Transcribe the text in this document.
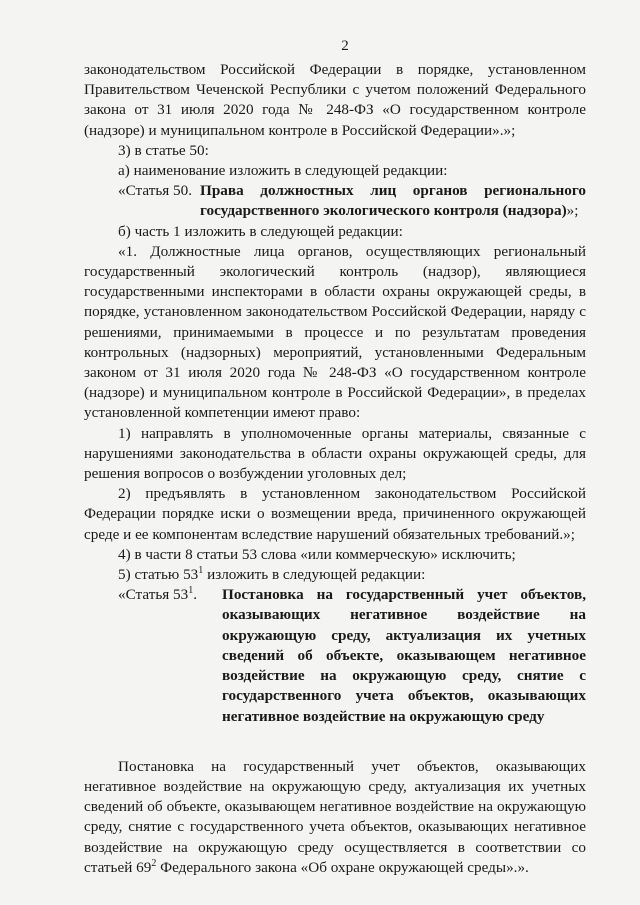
2

законодательством Российской Федерации в порядке, установленном Правительством Чеченской Республики с учетом положений Федерального закона от 31 июля 2020 года № 248-ФЗ «О государственном контроле (надзоре) и муниципальном контроле в Российской Федерации».»;

3) в статье 50:

а) наименование изложить в следующей редакции:

«Статья 50. Права должностных лиц органов регионального государственного экологического контроля (надзора)»;

б) часть 1 изложить в следующей редакции:

«1. Должностные лица органов, осуществляющих региональный государственный экологический контроль (надзор), являющиеся государственными инспекторами в области охраны окружающей среды, в порядке, установленном законодательством Российской Федерации, наряду с решениями, принимаемыми в процессе и по результатам проведения контрольных (надзорных) мероприятий, установленными Федеральным законом от 31 июля 2020 года № 248-ФЗ «О государственном контроле (надзоре) и муниципальном контроле в Российской Федерации», в пределах установленной компетенции имеют право:

1) направлять в уполномоченные органы материалы, связанные с нарушениями законодательства в области охраны окружающей среды, для решения вопросов о возбуждении уголовных дел;

2) предъявлять в установленном законодательством Российской Федерации порядке иски о возмещении вреда, причиненного окружающей среде и ее компонентам вследствие нарушений обязательных требований.»;

4) в части 8 статьи 53 слова «или коммерческую» исключить;

5) статью $53^1$ изложить в следующей редакции:

«Статья $53^1$.	Постановка на государственный учет объектов, оказывающих негативное воздействие на окружающую среду, актуализация их учетных сведений об объекте, оказывающем негативное воздействие на окружающую среду, снятие с государственного учета объектов, оказывающих негативное воздействие на окружающую среду

Постановка на государственный учет объектов, оказывающих негативное воздействие на окружающую среду, актуализация их учетных сведений об объекте, оказывающем негативное воздействие на окружающую среду, снятие с государственного учета объектов, оказывающих негативное воздействие на окружающую среду осуществляется в соответствии со статьей $69^2$ Федерального закона «Об охране окружающей среды».».
